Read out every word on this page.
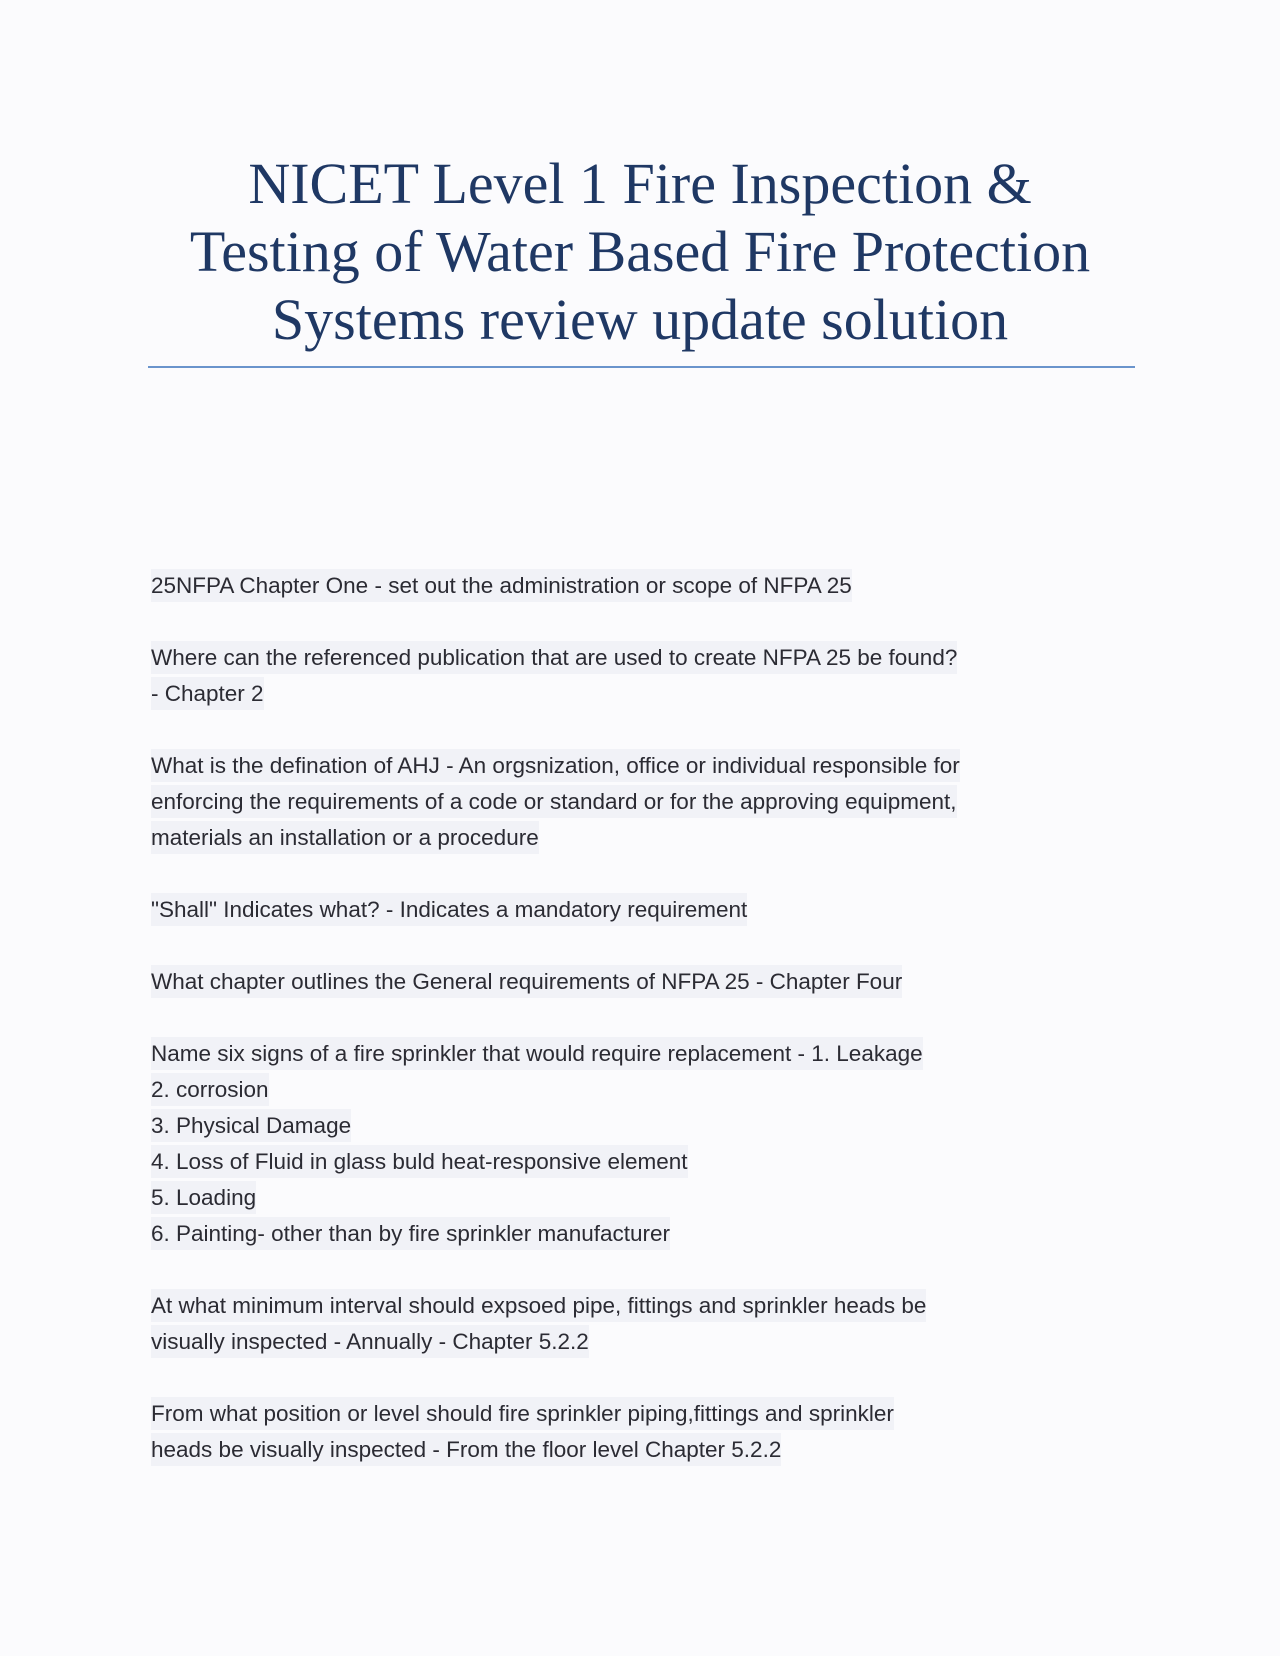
NICET Level 1 Fire Inspection &
Testing of Water Based Fire Protection
Systems review update solution
25NFPA Chapter One - set out the administration or scope of NFPA 25
Where can the referenced publication that are used to create NFPA 25 be found?
- Chapter 2
What is the defination of AHJ - An orgsnization, office or individual responsible for
enforcing the requirements of a code or standard or for the approving equipment,
materials an installation or a procedure
"Shall" Indicates what? - Indicates a mandatory requirement
What chapter outlines the General requirements of NFPA 25 - Chapter Four
Name six signs of a fire sprinkler that would require replacement - 1. Leakage
2. corrosion
3. Physical Damage
4. Loss of Fluid in glass buld heat-responsive element
5. Loading
6. Painting- other than by fire sprinkler manufacturer
At what minimum interval should expsoed pipe, fittings and sprinkler heads be
visually inspected - Annually - Chapter 5.2.2
From what position or level should fire sprinkler piping,fittings and sprinkler
heads be visually inspected - From the floor level Chapter 5.2.2
